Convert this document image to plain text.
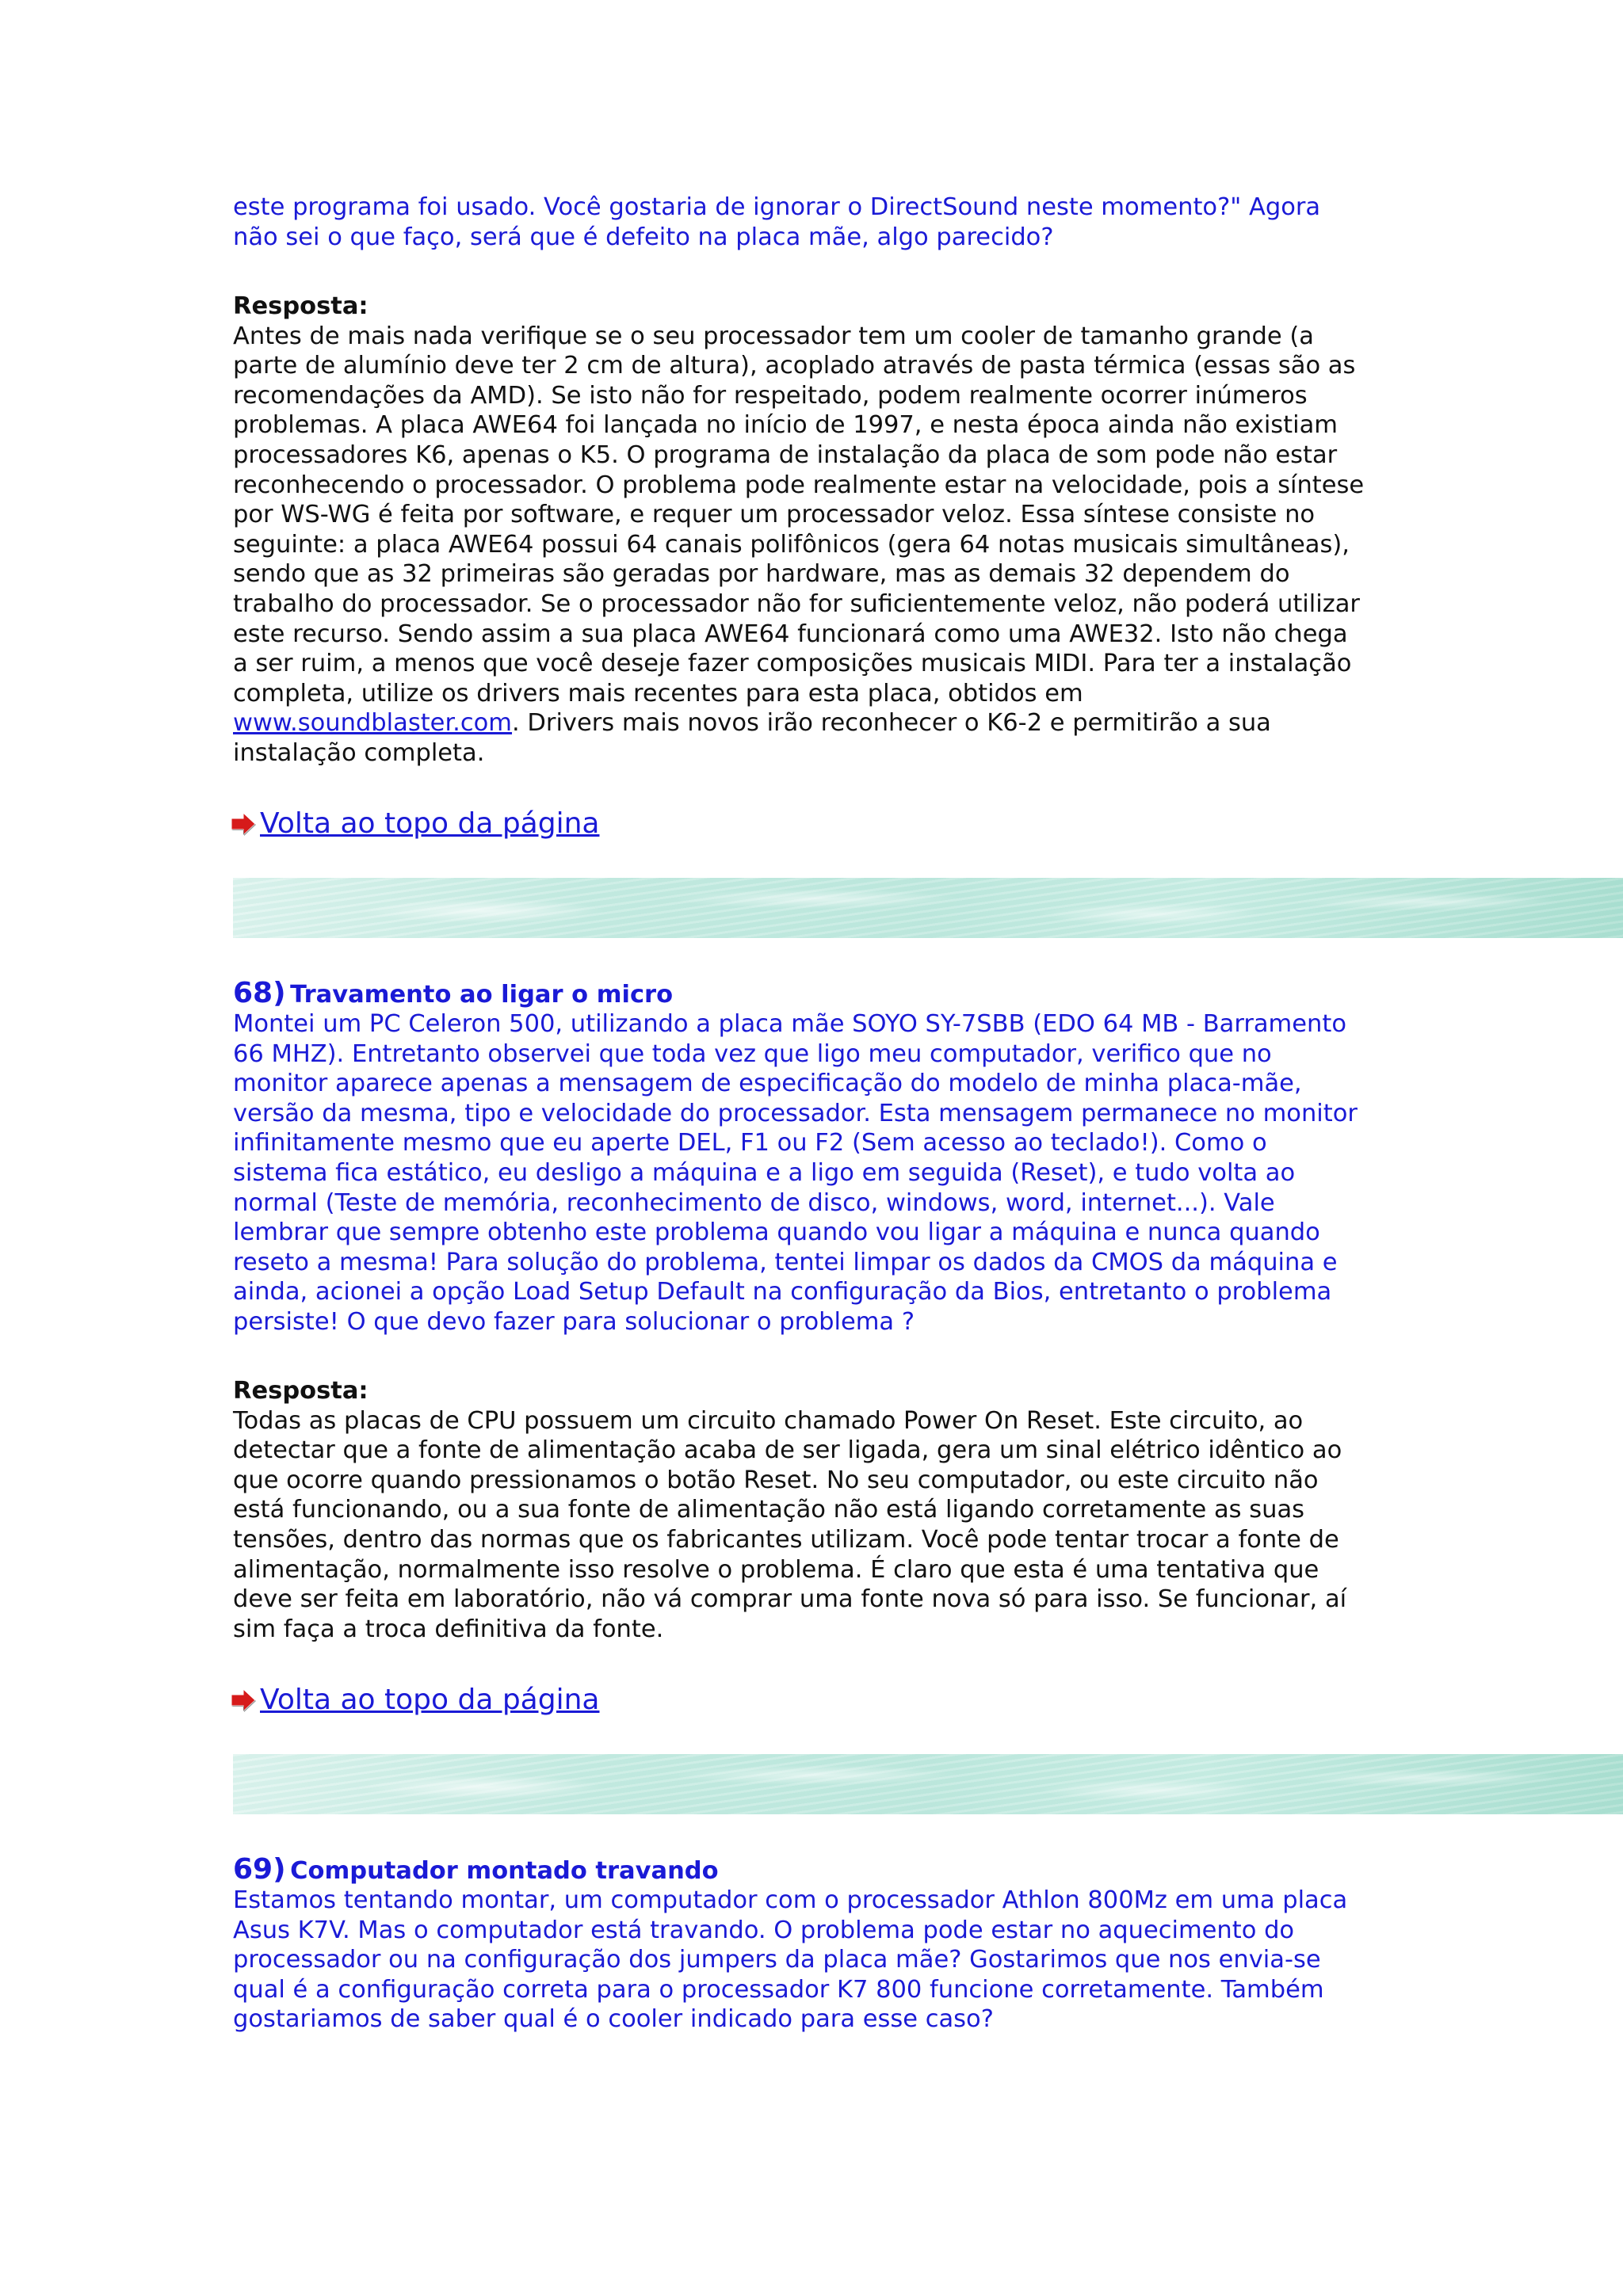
este programa foi usado. Você gostaria de ignorar o DirectSound neste momento?" Agora
não sei o que faço, será que é defeito na placa mãe, algo parecido?

Resposta:
Antes de mais nada verifique se o seu processador tem um cooler de tamanho grande (a
parte de alumínio deve ter 2 cm de altura), acoplado através de pasta térmica (essas são as
recomendações da AMD). Se isto não for respeitado, podem realmente ocorrer inúmeros
problemas. A placa AWE64 foi lançada no início de 1997, e nesta época ainda não existiam
processadores K6, apenas o K5. O programa de instalação da placa de som pode não estar
reconhecendo o processador. O problema pode realmente estar na velocidade, pois a síntese
por WS-WG é feita por software, e requer um processador veloz. Essa síntese consiste no
seguinte: a placa AWE64 possui 64 canais polifônicos (gera 64 notas musicais simultâneas),
sendo que as 32 primeiras são geradas por hardware, mas as demais 32 dependem do
trabalho do processador. Se o processador não for suficientemente veloz, não poderá utilizar
este recurso. Sendo assim a sua placa AWE64 funcionará como uma AWE32. Isto não chega
a ser ruim, a menos que você deseje fazer composições musicais MIDI. Para ter a instalação
completa, utilize os drivers mais recentes para esta placa, obtidos em
www.soundblaster.com. Drivers mais novos irão reconhecer o K6-2 e permitirão a sua
instalação completa.

Volta ao topo da página
68) Travamento ao ligar o micro

Montei um PC Celeron 500, utilizando a placa mãe SOYO SY-7SBB (EDO 64 MB - Barramento
66 MHZ). Entretanto observei que toda vez que ligo meu computador, verifico que no
monitor aparece apenas a mensagem de especificação do modelo de minha placa-mãe,
versão da mesma, tipo e velocidade do processador. Esta mensagem permanece no monitor
infinitamente mesmo que eu aperte DEL, F1 ou F2 (Sem acesso ao teclado!). Como o
sistema fica estático, eu desligo a máquina e a ligo em seguida (Reset), e tudo volta ao
normal (Teste de memória, reconhecimento de disco, windows, word, internet...). Vale
lembrar que sempre obtenho este problema quando vou ligar a máquina e nunca quando
reseto a mesma! Para solução do problema, tentei limpar os dados da CMOS da máquina e
ainda, acionei a opção Load Setup Default na configuração da Bios, entretanto o problema
persiste! O que devo fazer para solucionar o problema ?

Resposta:
Todas as placas de CPU possuem um circuito chamado Power On Reset. Este circuito, ao
detectar que a fonte de alimentação acaba de ser ligada, gera um sinal elétrico idêntico ao
que ocorre quando pressionamos o botão Reset. No seu computador, ou este circuito não
está funcionando, ou a sua fonte de alimentação não está ligando corretamente as suas
tensões, dentro das normas que os fabricantes utilizam. Você pode tentar trocar a fonte de
alimentação, normalmente isso resolve o problema. É claro que esta é uma tentativa que
deve ser feita em laboratório, não vá comprar uma fonte nova só para isso. Se funcionar, aí
sim faça a troca definitiva da fonte.

Volta ao topo da página
69) Computador montado travando

Estamos tentando montar, um computador com o processador Athlon 800Mz em uma placa
Asus K7V. Mas o computador está travando. O problema pode estar no aquecimento do
processador ou na configuração dos jumpers da placa mãe? Gostarimos que nos envia-se
qual é a configuração correta para o processador K7 800 funcione corretamente. Também
gostariamos de saber qual é o cooler indicado para esse caso?
